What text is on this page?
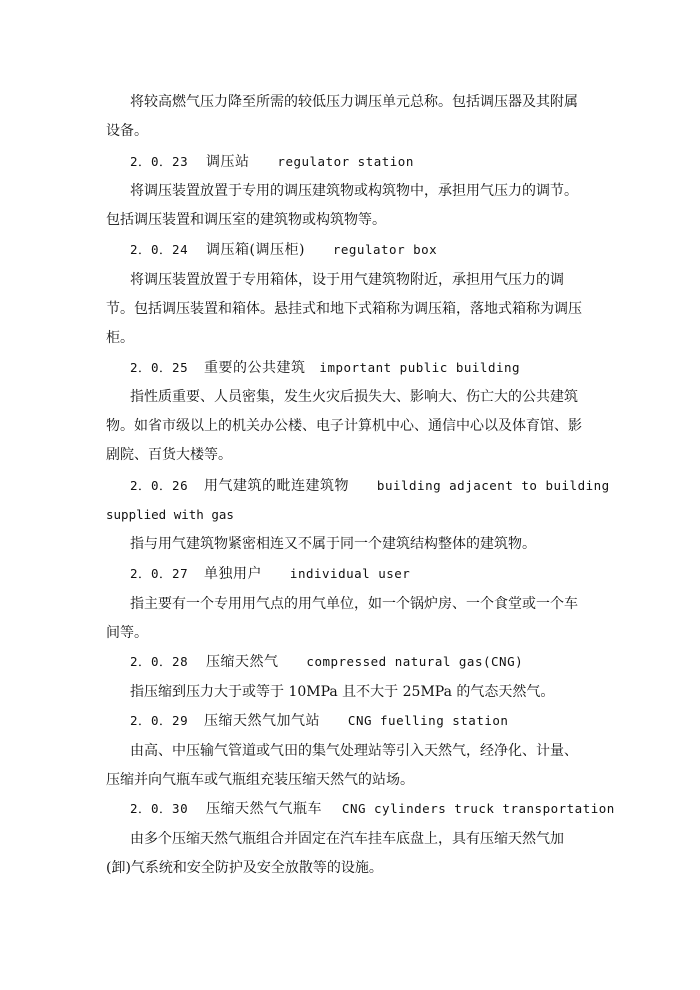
将较高燃气压力降至所需的较低压力调压单元总称。包括调压器及其附属
设备。
2．0．23 调压站 regulator station
将调压装置放置于专用的调压建筑物或构筑物中，承担用气压力的调节。
包括调压装置和调压室的建筑物或构筑物等。
2．0．24 调压箱(调压柜) regulator box
将调压装置放置于专用箱体，设于用气建筑物附近，承担用气压力的调
节。包括调压装置和箱体。悬挂式和地下式箱称为调压箱，落地式箱称为调压
柜。
2．0．25 重要的公共建筑 important public building
指性质重要、人员密集，发生火灾后损失大、影响大、伤亡大的公共建筑
物。如省市级以上的机关办公楼、电子计算机中心、通信中心以及体育馆、影
剧院、百货大楼等。
2．0．26 用气建筑的毗连建筑物 building adjacent to building
supplied with gas
指与用气建筑物紧密相连又不属于同一个建筑结构整体的建筑物。
2．0．27 单独用户 individual user
指主要有一个专用用气点的用气单位，如一个锅炉房、一个食堂或一个车
间等。
2．0．28 压缩天然气 compressed natural gas(CNG)
指压缩到压力大于或等于 10MPa 且不大于 25MPa 的气态天然气。
2．0．29 压缩天然气加气站 CNG fuelling station
由高、中压输气管道或气田的集气处理站等引入天然气，经净化、计量、
压缩并向气瓶车或气瓶组充装压缩天然气的站场。
2．0．30 压缩天然气气瓶车 CNG cylinders truck transportation
由多个压缩天然气瓶组合并固定在汽车挂车底盘上，具有压缩天然气加
(卸)气系统和安全防护及安全放散等的设施。
